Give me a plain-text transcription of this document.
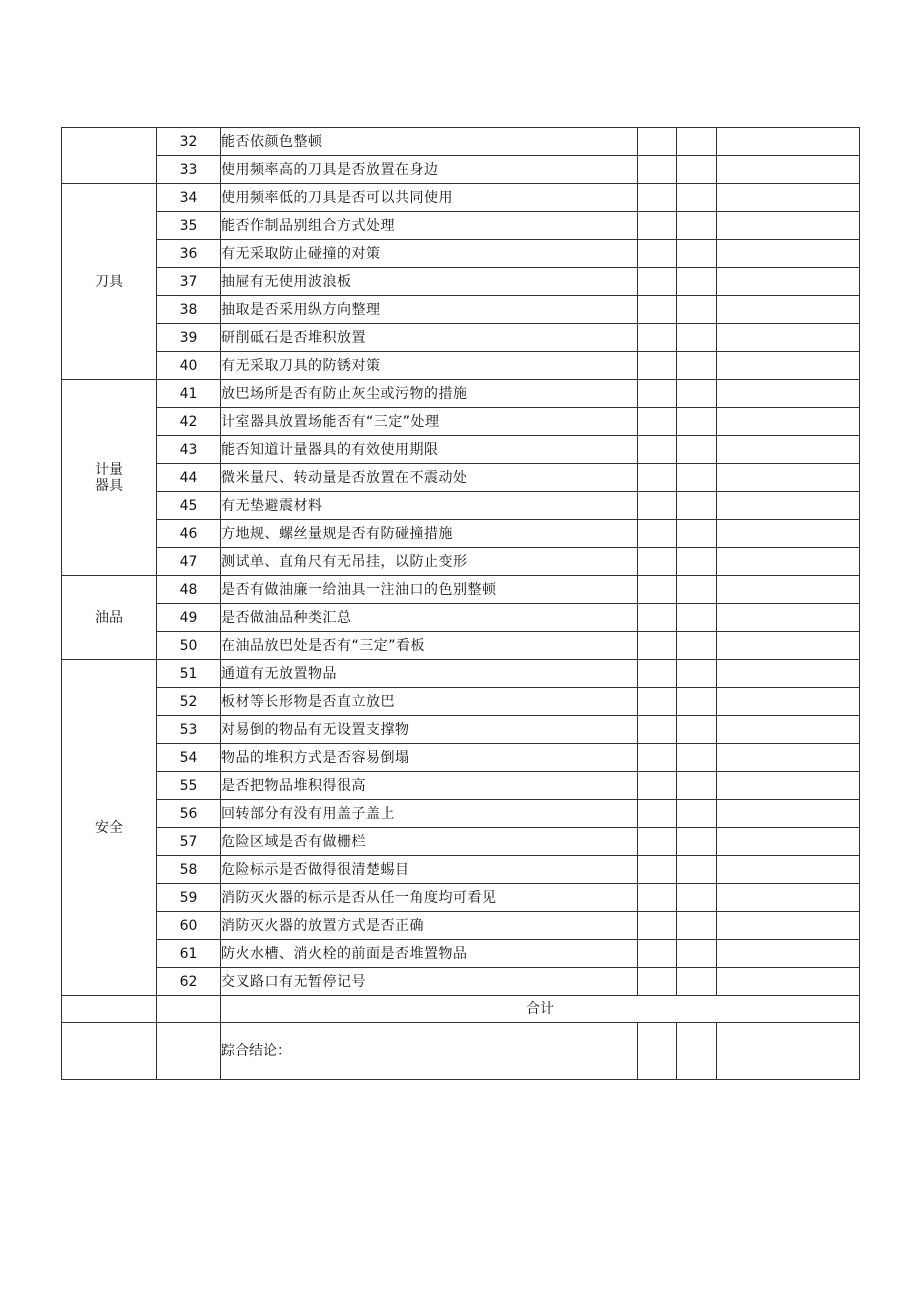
	32	能否依颜色整顿			
	33	使用频率高的刀具是否放置在身边			
刀具	34	使用频率低的刀具是否可以共同使用			
	35	能否作制品别组合方式处理			
	36	有无采取防止碰撞的对策			
	37	抽屉有无使用波浪板			
	38	抽取是否采用纵方向整理			
	39	研削砥石是否堆积放置			
	40	有无采取刀具的防锈对策			
计量
器具	41	放巴场所是否有防止灰尘或污物的措施			
	42	计室器具放置场能否有“三定”处理			
	43	能否知道计量器具的有效使用期限			
	44	微米量尺、转动量是否放置在不震动处			
	45	有无垫避震材料			
	46	方地规、螺丝量规是否有防碰撞措施			
	47	测试单、直角尺有无吊挂，以防止变形			
油品	48	是否有做油廉一给油具一注油口的色别整顿			
	49	是否做油品种类汇总			
	50	在油品放巴处是否有“三定”看板			
安全	51	通道有无放置物品			
	52	板材等长形物是否直立放巴			
	53	对易倒的物品有无设置支撑物			
	54	物品的堆积方式是否容易倒塌			
	55	是否把物品堆积得很高			
	56	回转部分有没有用盖子盖上			
	57	危险区域是否有做栅栏			
	58	危险标示是否做得很清楚蜴目			
	59	消防灭火器的标示是否从任一角度均可看见			
	60	消防灭火器的放置方式是否正确			
	61	防火水槽、消火栓的前面是否堆置物品			
	62	交叉路口有无暂停记号			
		合计			
		踪合结论：			
